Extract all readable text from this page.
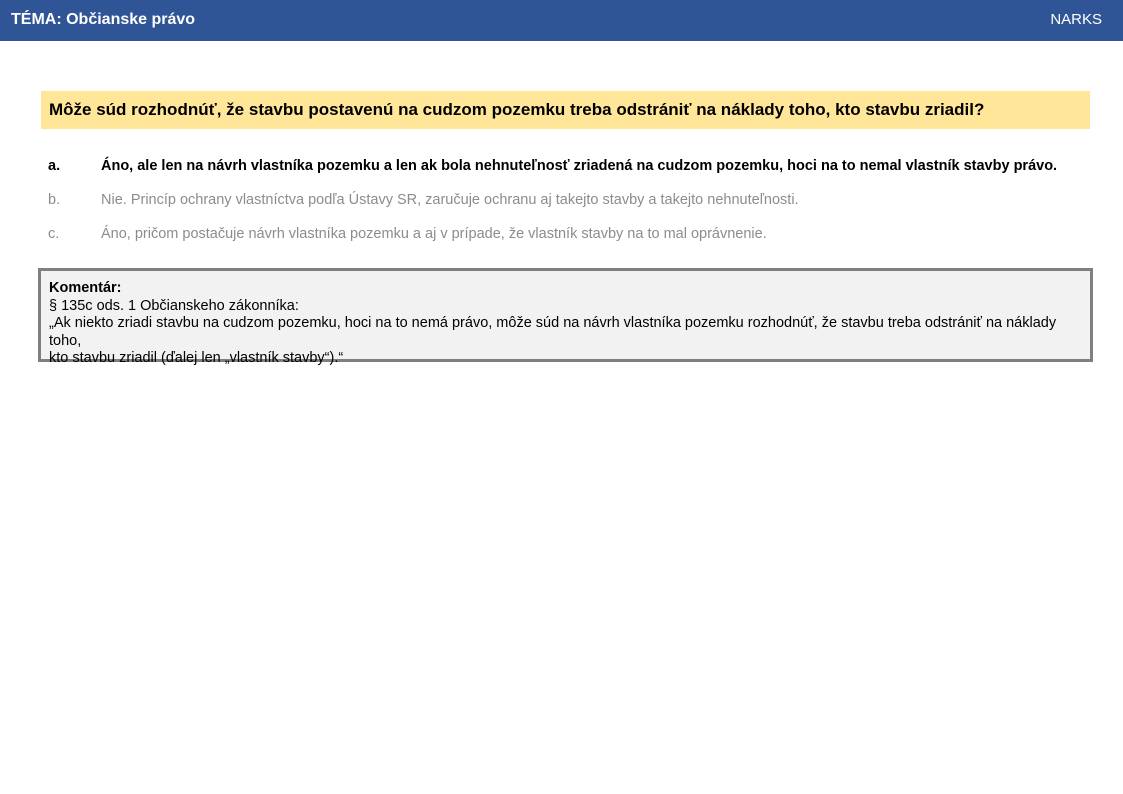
TÉMA: Občianske právo	NARKS
Môže súd rozhodnúť, že stavbu postavenú na cudzom pozemku treba odstrániť na náklady toho, kto stavbu zriadil?
a.	Áno, ale len na návrh vlastníka pozemku a len ak bola nehnuteľnosť zriadená na cudzom pozemku, hoci na to nemal vlastník stavby právo.
b.	Nie. Princíp ochrany vlastníctva podľa Ústavy SR, zaručuje ochranu aj takejto stavby a takejto nehnuteľnosti.
c.	Áno, pričom postačuje návrh vlastníka pozemku a aj v prípade, že vlastník stavby na to mal oprávnenie.
Komentár:
§ 135c ods. 1 Občianskeho zákonníka:
„Ak niekto zriadi stavbu na cudzom pozemku, hoci na to nemá právo, môže súd na návrh vlastníka pozemku rozhodnúť, že stavbu treba odstrániť na náklady toho,
kto stavbu zriadil (ďalej len „vlastník stavby“).“
